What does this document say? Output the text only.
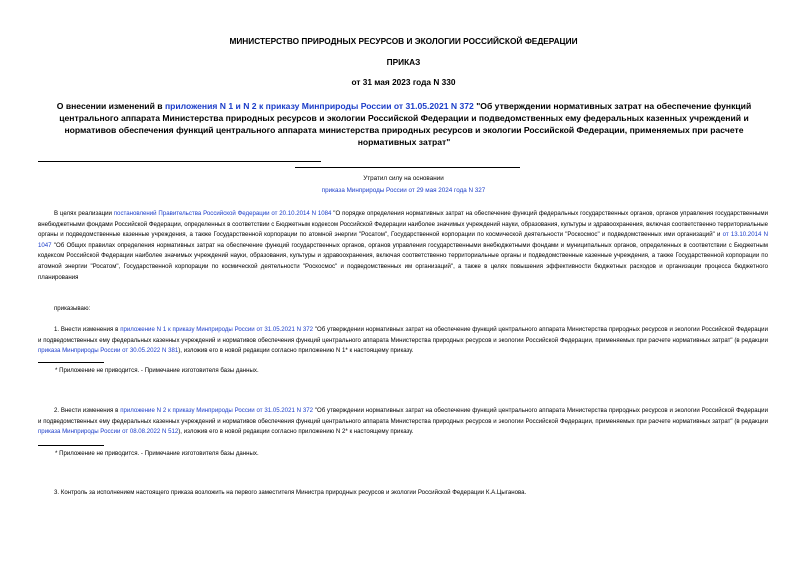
МИНИСТЕРСТВО ПРИРОДНЫХ РЕСУРСОВ И ЭКОЛОГИИ РОССИЙСКОЙ ФЕДЕРАЦИИ
ПРИКАЗ
от 31 мая 2023 года N 330
О внесении изменений в приложения N 1 и N 2 к приказу Минприроды России от 31.05.2021 N 372 "Об утверждении нормативных затрат на обеспечение функций центрального аппарата Министерства природных ресурсов и экологии Российской Федерации и подведомственных ему федеральных казенных учреждений и нормативов обеспечения функций центрального аппарата министерства природных ресурсов и экологии Российской Федерации, применяемых при расчете нормативных затрат"
Утратил силу на основании
приказа Минприроды России от 29 мая 2024 года N 327
В целях реализации постановлений Правительства Российской Федерации от 20.10.2014 N 1084 "О порядке определения нормативных затрат на обеспечение функций федеральных государственных органов, органов управления государственными внебюджетными фондами Российской Федерации, определенных в соответствии с Бюджетным кодексом Российской Федерации наиболее значимых учреждений науки, образования, культуры и здравоохранения, включая соответственно территориальные органы и подведомственные казенные учреждения, а также Государственной корпорации по атомной энергии "Росатом", Государственной корпорации по космической деятельности "Роскосмос" и подведомственных ими организаций" и от 13.10.2014 N 1047 "Об Общих правилах определения нормативных затрат на обеспечение функций государственных органов, органов управления государственными внебюджетными фондами и муниципальных органов, определенных в соответствии с Бюджетным кодексом Российской Федерации наиболее значимых учреждений науки, образования, культуры и здравоохранения, включая соответственно территориальные органы и подведомственные казенные учреждения, а также Государственной корпорации по атомной энергии "Росатом", Государственной корпорации по космической деятельности "Роскосмос" и подведомственных им организаций", а также в целях повышения эффективности бюджетных расходов и организации процесса бюджетного планирования
приказываю:
1. Внести изменения в приложение N 1 к приказу Минприроды России от 31.05.2021 N 372 "Об утверждении нормативных затрат на обеспечение функций центрального аппарата Министерства природных ресурсов и экологии Российской Федерации и подведомственных ему федеральных казенных учреждений и нормативов обеспечения функций центрального аппарата Министерства природных ресурсов и экологии Российской Федерации, применяемых при расчете нормативных затрат" (в редакции приказа Минприроды России от 30.05.2022 N 381), изложив его в новой редакции согласно приложению N 1* к настоящему приказу.
* Приложение не приводится. - Примечание изготовителя базы данных.
2. Внести изменения в приложение N 2 к приказу Минприроды России от 31.05.2021 N 372 "Об утверждении нормативных затрат на обеспечение функций центрального аппарата Министерства природных ресурсов и экологии Российской Федерации и подведомственных ему федеральных казенных учреждений и нормативов обеспечения функций центрального аппарата Министерства природных ресурсов и экологии Российской Федерации, применяемых при расчете нормативных затрат" (в редакции приказа Минприроды России от 08.08.2022 N 512), изложив его в новой редакции согласно приложению N 2* к настоящему приказу.
* Приложение не приводится. - Примечание изготовителя базы данных.
3. Контроль за исполнением настоящего приказа возложить на первого заместителя Министра природных ресурсов и экологии Российской Федерации К.А.Цыганова.
